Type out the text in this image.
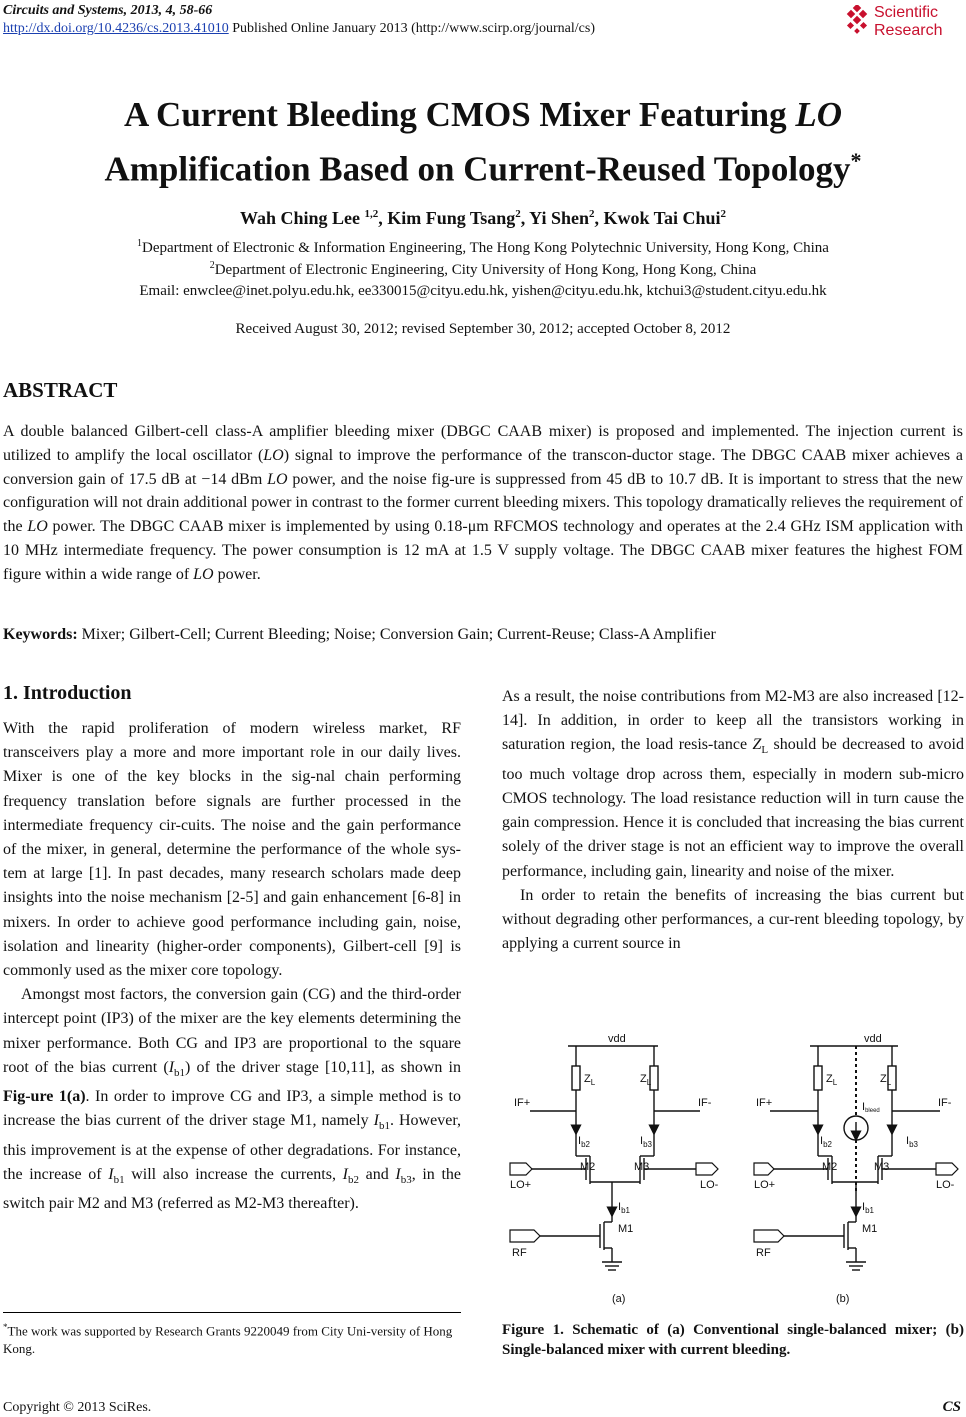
Circuits and Systems, 2013, 4, 58-66
http://dx.doi.org/10.4236/cs.2013.41010 Published Online January 2013 (http://www.scirp.org/journal/cs)
Scientific
Research
A Current Bleeding CMOS Mixer Featuring LO
Amplification Based on Current-Reused Topology*
Wah Ching Lee $^{1,2}$, Kim Fung Tsang$^2$, Yi Shen$^2$, Kwok Tai Chui$^2$
$^1$Department of Electronic & Information Engineering, The Hong Kong Polytechnic University, Hong Kong, China
$^2$Department of Electronic Engineering, City University of Hong Kong, Hong Kong, China
Email: enwclee@inet.polyu.edu.hk, ee330015@cityu.edu.hk, yishen@cityu.edu.hk, ktchui3@student.cityu.edu.hk
Received August 30, 2012; revised September 30, 2012; accepted October 8, 2012
ABSTRACT
A double balanced Gilbert-cell class-A amplifier bleeding mixer (DBGC CAAB mixer) is proposed and implemented. The injection current is utilized to amplify the local oscillator (LO) signal to improve the performance of the transcon-ductor stage. The DBGC CAAB mixer achieves a conversion gain of 17.5 dB at −14 dBm LO power, and the noise fig-ure is suppressed from 45 dB to 10.7 dB. It is important to stress that the new configuration will not drain additional power in contrast to the former current bleeding mixers. This topology dramatically relieves the requirement of the LO power. The DBGC CAAB mixer is implemented by using 0.18-μm RFCMOS technology and operates at the 2.4 GHz ISM application with 10 MHz intermediate frequency. The power consumption is 12 mA at 1.5 V supply voltage. The DBGC CAAB mixer features the highest FOM figure within a wide range of LO power.
Keywords: Mixer; Gilbert-Cell; Current Bleeding; Noise; Conversion Gain; Current-Reuse; Class-A Amplifier
1. Introduction

With the rapid proliferation of modern wireless market, RF transceivers play a more and more important role in our daily lives. Mixer is one of the key blocks in the sig-nal chain performing frequency translation before signals are further processed in the intermediate frequency cir-cuits. The noise and the gain performance of the mixer, in general, determine the performance of the whole sys-tem at large [1]. In past decades, many research scholars made deep insights into the noise mechanism [2-5] and gain enhancement [6-8] in mixers. In order to achieve good performance including gain, noise, isolation and linearity (higher-order components), Gilbert-cell [9] is commonly used as the mixer core topology.

Amongst most factors, the conversion gain (CG) and the third-order intercept point (IP3) of the mixer are the key elements determining the mixer performance. Both CG and IP3 are proportional to the square root of the bias current $(I_{b1})$ of the driver stage [10,11], as shown in Fig-ure 1(a). In order to improve CG and IP3, a simple method is to increase the bias current of the driver stage M1, namely $I_{b1}$. However, this improvement is at the expense of other degradations. For instance, the increase of $I_{b1}$ will also increase the currents, $I_{b2}$ and $I_{b3}$, in the switch pair M2 and M3 (referred as M2-M3 thereafter).

As a result, the noise contributions from M2-M3 are also increased [12-14]. In addition, in order to keep all the transistors working in saturation region, the load resis-tance $Z_L$ should be decreased to avoid too much voltage drop across them, especially in modern sub-micro CMOS technology. The load resistance reduction will in turn cause the gain compression. Hence it is concluded that increasing the bias current solely of the driver stage is not an efficient way to improve the overall performance, including gain, linearity and noise of the mixer.

In order to retain the benefits of increasing the bias current but without degrading other performances, a cur-rent bleeding topology, by applying a current source in

vdd
$Z_L$	$Z_L$
IF+	IF-
$I_{b2}$	$I_{b3}$
M2	M3
LO+	LO-
$I_{b1}$
M1
RF
vdd
$Z_L$	$Z_L$
IF+	IF-
Ibleed
$I_{b2}$	$I_{b3}$
M2	M3
LO+	LO-
$I_{b1}$
M1
RF
(a)	(b)
Figure 1. Schematic of (a) Conventional single-balanced mixer; (b) Single-balanced mixer with current bleeding.
*The work was supported by Research Grants 9220049 from City Uni-versity of Hong Kong.
Copyright © 2013 SciRes.	CS
